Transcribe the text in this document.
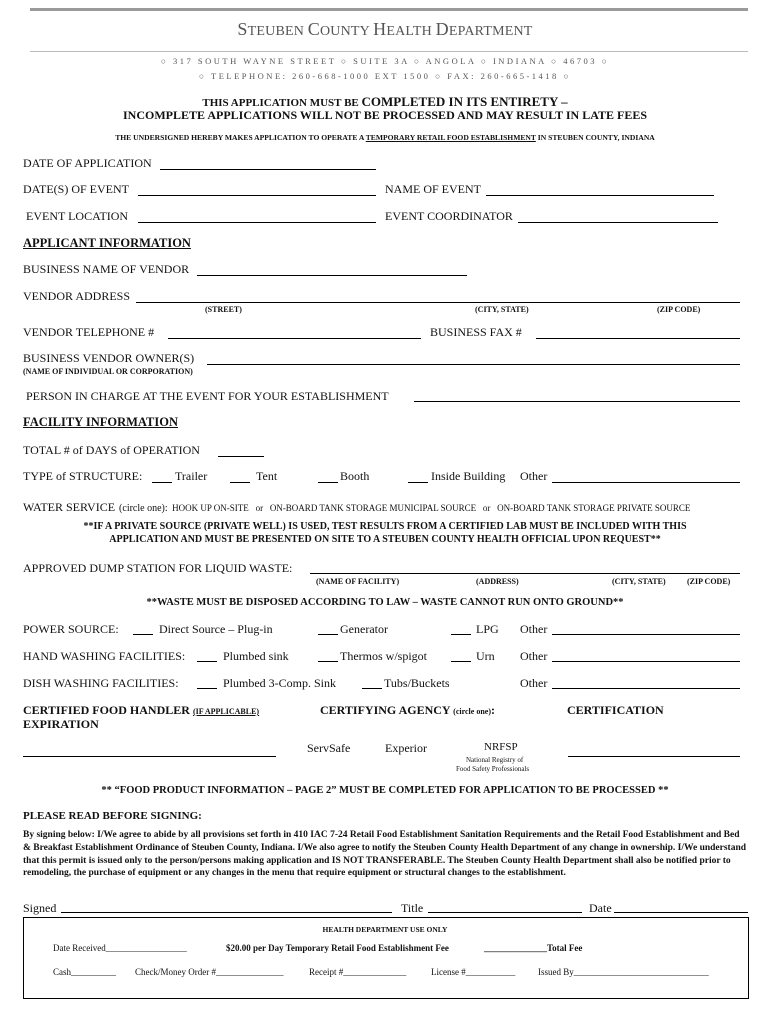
STEUBEN COUNTY HEALTH DEPARTMENT
○ 317 SOUTH WAYNE STREET ○ SUITE 3A ○ ANGOLA ○ INDIANA ○ 46703 ○
○ TELEPHONE: 260-668-1000 EXT 1500 ○ FAX: 260-665-1418 ○
THIS APPLICATION MUST BE COMPLETED IN ITS ENTIRETY –
INCOMPLETE APPLICATIONS WILL NOT BE PROCESSED AND MAY RESULT IN LATE FEES
THE UNDERSIGNED HEREBY MAKES APPLICATION TO OPERATE A TEMPORARY RETAIL FOOD ESTABLISHMENT IN STEUBEN COUNTY, INDIANA
DATE OF APPLICATION
DATE(S) OF EVENT	NAME OF EVENT
EVENT LOCATION	EVENT COORDINATOR
APPLICANT INFORMATION
BUSINESS NAME OF VENDOR
VENDOR ADDRESS
(STREET)	(CITY, STATE)	(ZIP CODE)
VENDOR TELEPHONE #	BUSINESS FAX #
BUSINESS VENDOR OWNER(S)
(NAME OF INDIVIDUAL OR CORPORATION)
PERSON IN CHARGE AT THE EVENT FOR YOUR ESTABLISHMENT
FACILITY INFORMATION
TOTAL # of DAYS of OPERATION
TYPE of STRUCTURE:	Trailer	Tent	Booth	Inside Building Other
WATER SERVICE (circle one): HOOK UP ON-SITE or ON-BOARD TANK STORAGE MUNICIPAL SOURCE or ON-BOARD TANK STORAGE PRIVATE SOURCE
**IF A PRIVATE SOURCE (PRIVATE WELL) IS USED, TEST RESULTS FROM A CERTIFIED LAB MUST BE INCLUDED WITH THIS
APPLICATION AND MUST BE PRESENTED ON SITE TO A STEUBEN COUNTY HEALTH OFFICIAL UPON REQUEST**
APPROVED DUMP STATION FOR LIQUID WASTE:
(NAME OF FACILITY)	(ADDRESS)	(CITY, STATE)	(ZIP CODE)
**WASTE MUST BE DISPOSED ACCORDING TO LAW – WASTE CANNOT RUN ONTO GROUND**
POWER SOURCE:	Direct Source – Plug-in	Generator	LPG Other
HAND WASHING FACILITIES:	Plumbed sink	Thermos w/spigot	Urn Other
DISH WASHING FACILITIES:	Plumbed 3-Comp. Sink	Tubs/Buckets	Other
CERTIFIED FOOD HANDLER (IF APPLICABLE)
EXPIRATION
CERTIFYING AGENCY (circle one):	CERTIFICATION
ServSafe	Experior	NRFSP
National Registry of
Food Safety Professionals
** “FOOD PRODUCT INFORMATION – PAGE 2” MUST BE COMPLETED FOR APPLICATION TO BE PROCESSED **
PLEASE READ BEFORE SIGNING:
By signing below: I/We agree to abide by all provisions set forth in 410 IAC 7-24 Retail Food Establishment Sanitation Requirements and the Retail Food Establishment and Bed & Breakfast Establishment Ordinance of Steuben County, Indiana. I/We also agree to notify the Steuben County Health Department of any change in ownership. I/We understand that this permit is issued only to the person/persons making application and IS NOT TRANSFERABLE. The Steuben County Health Department shall also be notified prior to remodeling, the purchase of equipment or any changes in the menu that require equipment or structural changes to the establishment.
Signed	Title	Date
HEALTH DEPARTMENT USE ONLY
Date Received__________________	$20.00 per Day Temporary Retail Food Establishment Fee	______________Total Fee
Cash__________ Check/Money Order #_______________	Receipt #______________	License #___________	Issued By______________________________
